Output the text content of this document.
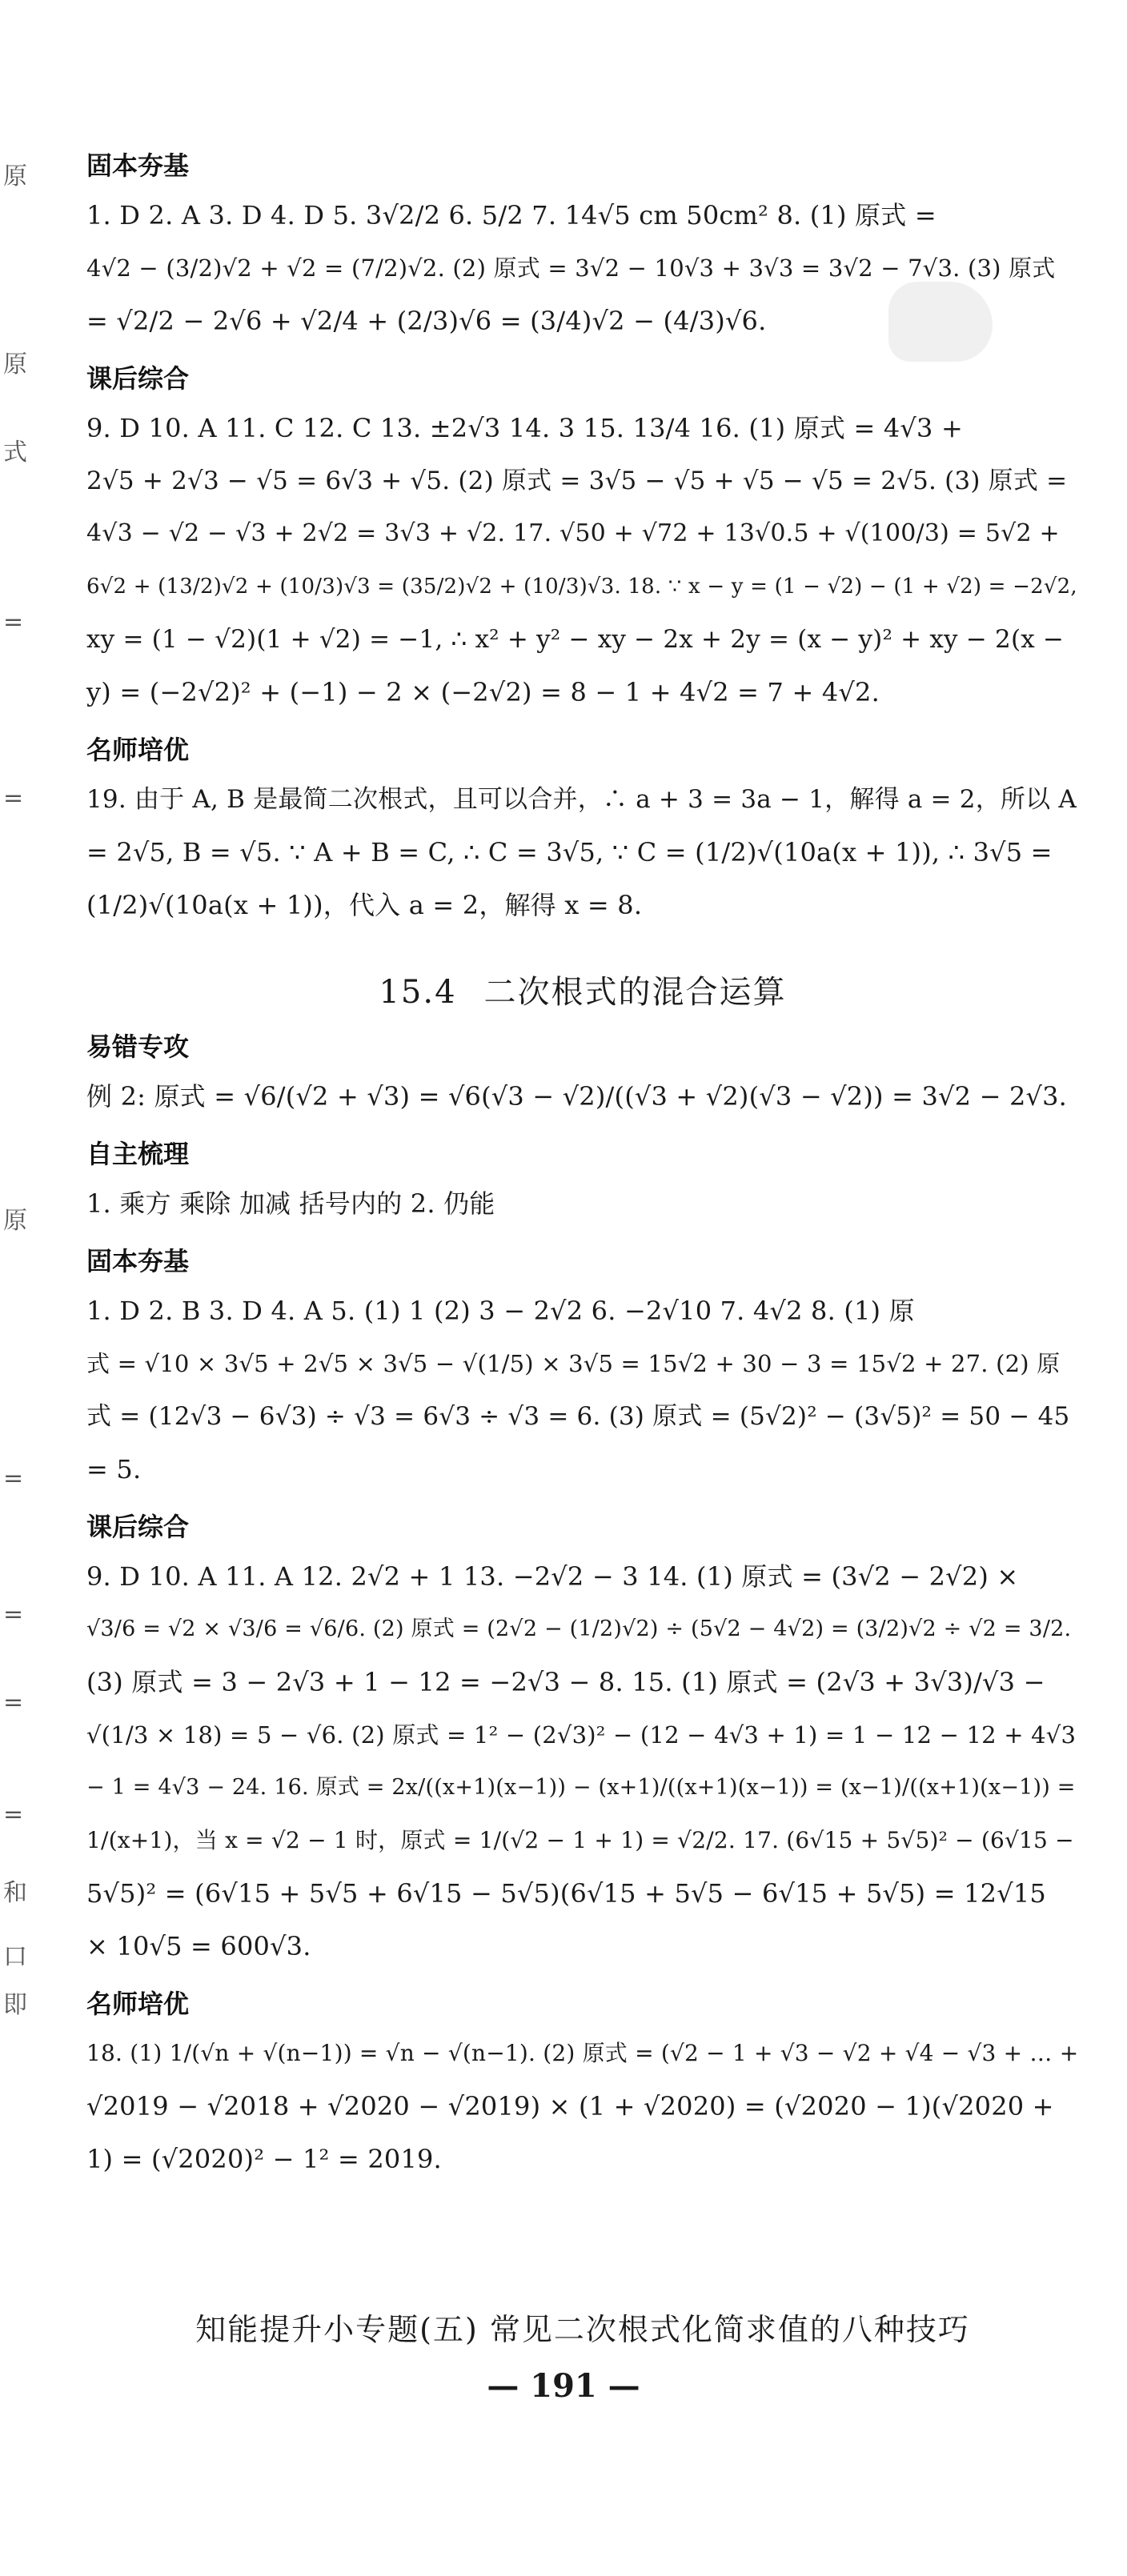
原
原
式
=
=
原
=
=
=
=
和
口
即
固本夯基
1. D 2. A 3. D 4. D 5. 3√2/2 6. 5/2 7. 14√5 cm 50cm² 8. (1) 原式 =
4√2 − (3/2)√2 + √2 = (7/2)√2. (2) 原式 = 3√2 − 10√3 + 3√3 = 3√2 − 7√3. (3) 原式
= √2/2 − 2√6 + √2/4 + (2/3)√6 = (3/4)√2 − (4/3)√6.
课后综合
9. D 10. A 11. C 12. C 13. ±2√3 14. 3 15. 13/4 16. (1) 原式 = 4√3 +
2√5 + 2√3 − √5 = 6√3 + √5. (2) 原式 = 3√5 − √5 + √5 − √5 = 2√5. (3) 原式 =
4√3 − √2 − √3 + 2√2 = 3√3 + √2. 17. √50 + √72 + 13√0.5 + √(100/3) = 5√2 +
6√2 + (13/2)√2 + (10/3)√3 = (35/2)√2 + (10/3)√3. 18. ∵ x − y = (1 − √2) − (1 + √2) = −2√2,
xy = (1 − √2)(1 + √2) = −1, ∴ x² + y² − xy − 2x + 2y = (x − y)² + xy − 2(x −
y) = (−2√2)² + (−1) − 2 × (−2√2) = 8 − 1 + 4√2 = 7 + 4√2.
名师培优
19. 由于 A, B 是最简二次根式，且可以合并，∴ a + 3 = 3a − 1，解得 a = 2，所以 A
= 2√5, B = √5. ∵ A + B = C, ∴ C = 3√5, ∵ C = (1/2)√(10a(x + 1)), ∴ 3√5 =
(1/2)√(10a(x + 1))，代入 a = 2，解得 x = 8.
15.4 二次根式的混合运算
易错专攻
例 2: 原式 = √6/(√2 + √3) = √6(√3 − √2)/((√3 + √2)(√3 − √2)) = 3√2 − 2√3.
自主梳理
1. 乘方 乘除 加减 括号内的 2. 仍能
固本夯基
1. D 2. B 3. D 4. A 5. (1) 1 (2) 3 − 2√2 6. −2√10 7. 4√2 8. (1) 原
式 = √10 × 3√5 + 2√5 × 3√5 − √(1/5) × 3√5 = 15√2 + 30 − 3 = 15√2 + 27. (2) 原
式 = (12√3 − 6√3) ÷ √3 = 6√3 ÷ √3 = 6. (3) 原式 = (5√2)² − (3√5)² = 50 − 45
= 5.
课后综合
9. D 10. A 11. A 12. 2√2 + 1 13. −2√2 − 3 14. (1) 原式 = (3√2 − 2√2) ×
√3/6 = √2 × √3/6 = √6/6. (2) 原式 = (2√2 − (1/2)√2) ÷ (5√2 − 4√2) = (3/2)√2 ÷ √2 = 3/2.
(3) 原式 = 3 − 2√3 + 1 − 12 = −2√3 − 8. 15. (1) 原式 = (2√3 + 3√3)/√3 −
√(1/3 × 18) = 5 − √6. (2) 原式 = 1² − (2√3)² − (12 − 4√3 + 1) = 1 − 12 − 12 + 4√3
− 1 = 4√3 − 24. 16. 原式 = 2x/((x+1)(x−1)) − (x+1)/((x+1)(x−1)) = (x−1)/((x+1)(x−1)) =
1/(x+1)，当 x = √2 − 1 时，原式 = 1/(√2 − 1 + 1) = √2/2. 17. (6√15 + 5√5)² − (6√15 −
5√5)² = (6√15 + 5√5 + 6√15 − 5√5)(6√15 + 5√5 − 6√15 + 5√5) = 12√15
× 10√5 = 600√3.
名师培优
18. (1) 1/(√n + √(n−1)) = √n − √(n−1). (2) 原式 = (√2 − 1 + √3 − √2 + √4 − √3 + … +
√2019 − √2018 + √2020 − √2019) × (1 + √2020) = (√2020 − 1)(√2020 +
1) = (√2020)² − 1² = 2019.
知能提升小专题(五) 常见二次根式化简求值的八种技巧
— 191 —
